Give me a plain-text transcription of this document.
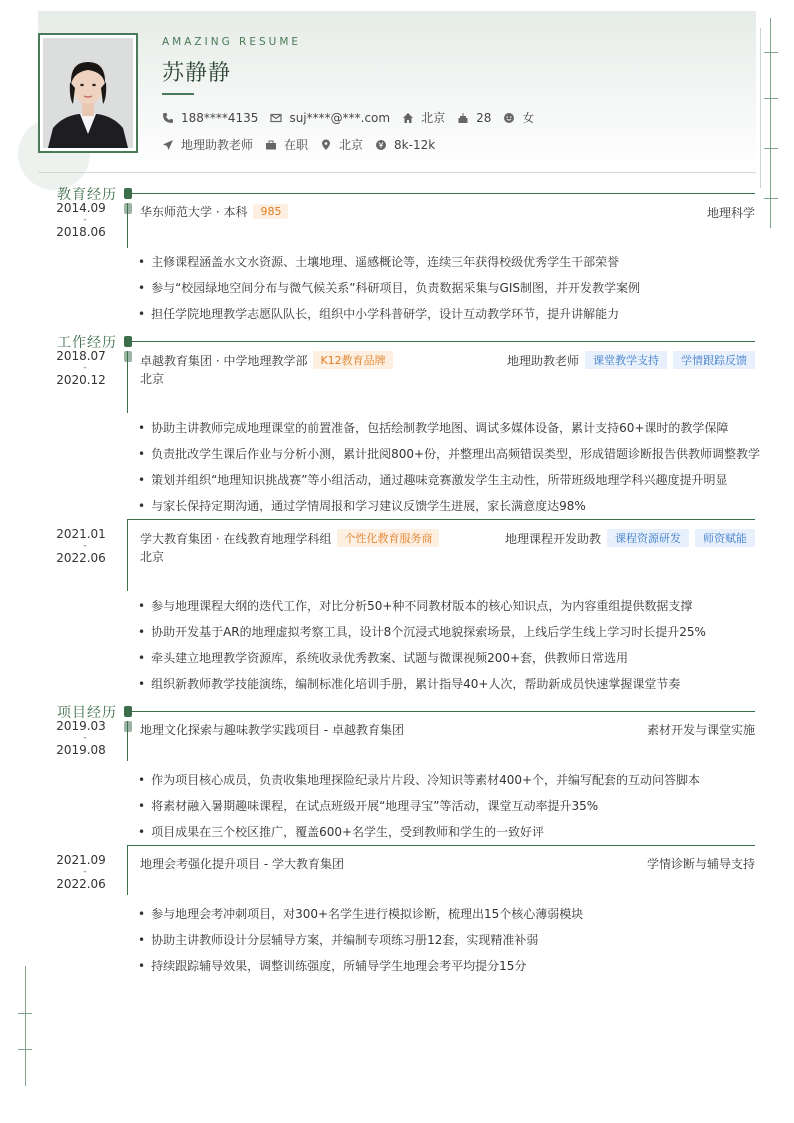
AMAZING RESUME
苏静静
188****4135	suj****@***.com	北京	28	女
地理助教老师	在职	北京	8k-12k
教育经历
2014.09
-
2018.06
华东师范大学 · 本科	985	地理科学
• 主修课程涵盖水文水资源、土壤地理、遥感概论等，连续三年获得校级优秀学生干部荣誉
• 参与“校园绿地空间分布与微气候关系”科研项目，负责数据采集与GIS制图，并开发教学案例
• 担任学院地理教学志愿队队长，组织中小学科普研学，设计互动教学环节，提升讲解能力
工作经历
2018.07
-
2020.12
卓越教育集团 · 中学地理教学部	K12教育品牌	地理助教老师	课堂教学支持	学情跟踪反馈
北京
• 协助主讲教师完成地理课堂的前置准备，包括绘制教学地图、调试多媒体设备，累计支持60+课时的教学保障
• 负责批改学生课后作业与分析小测，累计批阅800+份，并整理出高频错误类型，形成错题诊断报告供教师调整教学
• 策划并组织“地理知识挑战赛”等小组活动，通过趣味竞赛激发学生主动性，所带班级地理学科兴趣度提升明显
• 与家长保持定期沟通，通过学情周报和学习建议反馈学生进展，家长满意度达98%
2021.01
-
2022.06
学大教育集团 · 在线教育地理学科组	个性化教育服务商	地理课程开发助教	课程资源研发	师资赋能
北京
• 参与地理课程大纲的迭代工作，对比分析50+种不同教材版本的核心知识点，为内容重组提供数据支撑
• 协助开发基于AR的地理虚拟考察工具，设计8个沉浸式地貌探索场景，上线后学生线上学习时长提升25%
• 牵头建立地理教学资源库，系统收录优秀教案、试题与微课视频200+套，供教师日常选用
• 组织新教师教学技能演练，编制标准化培训手册，累计指导40+人次，帮助新成员快速掌握课堂节奏
项目经历
2019.03
-
2019.08
地理文化探索与趣味教学实践项目 - 卓越教育集团	素材开发与课堂实施
• 作为项目核心成员，负责收集地理探险纪录片片段、冷知识等素材400+个，并编写配套的互动问答脚本
• 将素材融入暑期趣味课程，在试点班级开展“地理寻宝”等活动，课堂互动率提升35%
• 项目成果在三个校区推广，覆盖600+名学生，受到教师和学生的一致好评
2021.09
-
2022.06
地理会考强化提升项目 - 学大教育集团	学情诊断与辅导支持
• 参与地理会考冲刺项目，对300+名学生进行模拟诊断，梳理出15个核心薄弱模块
• 协助主讲教师设计分层辅导方案，并编制专项练习册12套，实现精准补弱
• 持续跟踪辅导效果，调整训练强度，所辅导学生地理会考平均提分15分
